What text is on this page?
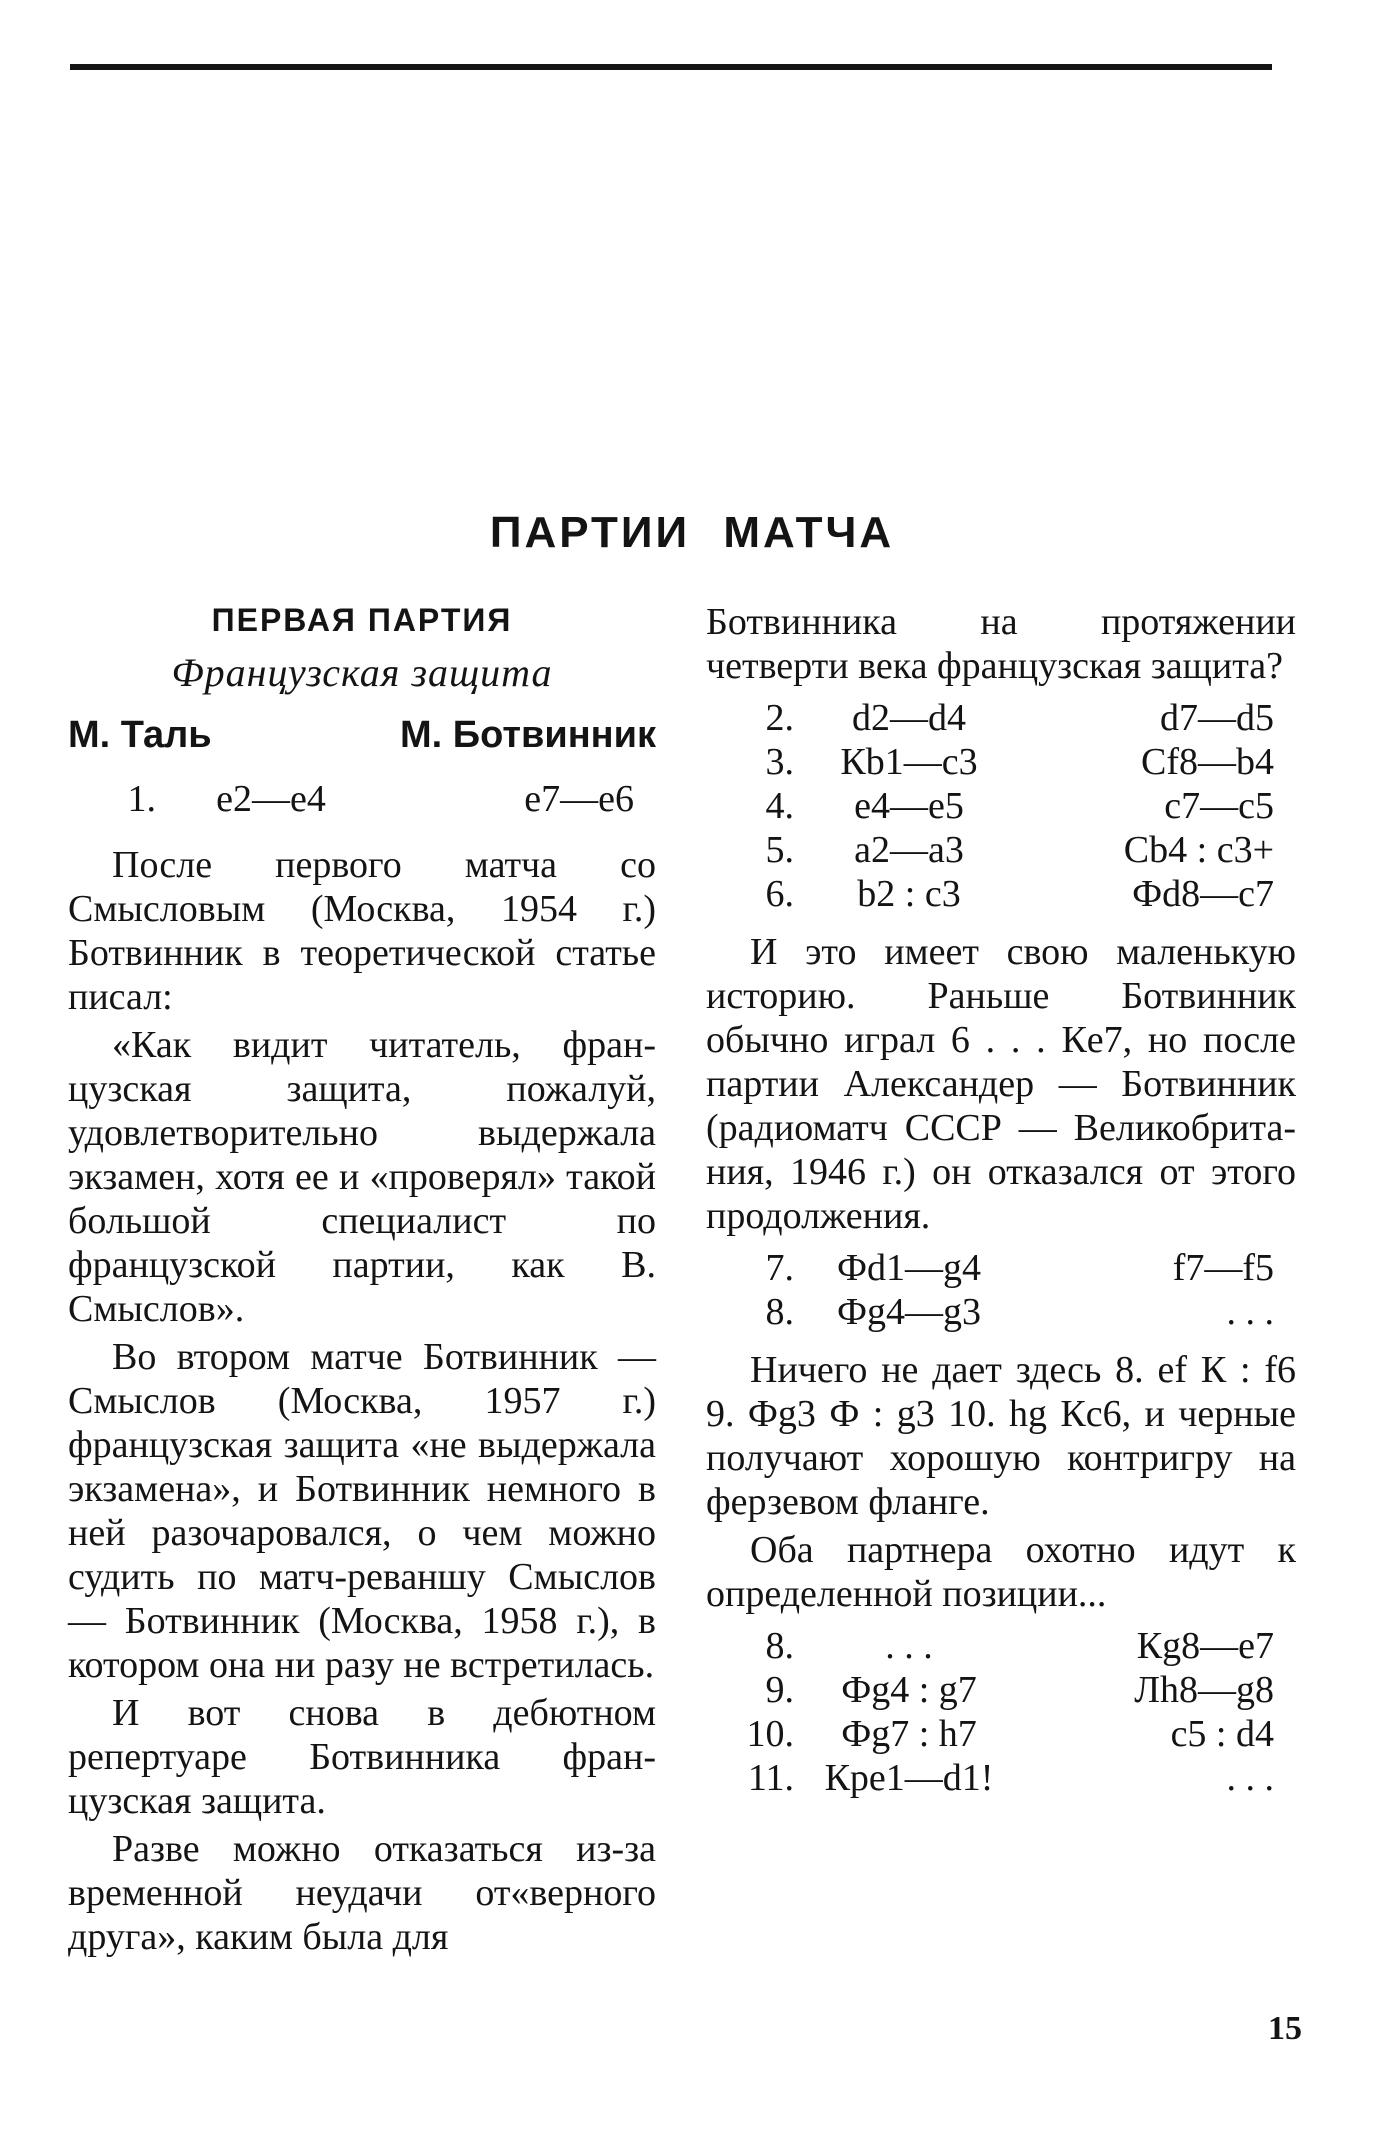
ПАРТИИ МАТЧА
ПЕРВАЯ ПАРТИЯ
Французская защита
М. Таль	М. Ботвинник
1.	e2—e4	e7—e6

После первого матча со Смысловым (Москва, 1954 г.) Ботвинник в теоретической статье писал:

«Как видит читатель, французская защита, пожалуй, удовлетворительно выдержала экзамен, хотя ее и «проверял» такой большой специалист по французской партии, как В. Смыслов».

Во втором матче Ботвинник — Смыслов (Москва, 1957 г.) французская защита «не выдержала экзамена», и Ботвинник немного в ней разочаровался, о чем можно судить по матч-реваншу Смыслов — Ботвинник (Москва, 1958 г.), в котором она ни разу не встретилась.

И вот снова в дебютном репертуаре Ботвинника французская защита.

Разве можно отказаться из-за временной неудачи от«верного друга», каким была для

Ботвинника на протяжении четверти века французская защита?

2.	d2—d4	d7—d5
3.	Кb1—c3	Cf8—b4
4.	e4—e5	c7—c5
5.	a2—a3	Cb4 : c3+
6.	b2 : c3	Фd8—c7

И это имеет свою маленькую историю. Раньше Ботвинник обычно играл 6 . . . Кe7, но после партии Александер — Ботвинник (радиоматч СССР — Великобритания, 1946 г.) он отказался от этого продолжения.

7.	Фd1—g4	f7—f5
8.	Фg4—g3	. . .

Ничего не дает здесь 8. ef К : f6 9. Фg3 Ф : g3 10. hg Кc6, и черные получают хорошую контригру на ферзевом фланге.

Оба партнера охотно идут к определенной позиции...

8.	. . .	Кg8—e7
9.	Фg4 : g7	Лh8—g8
10.	Фg7 : h7	c5 : d4
11. Крe1—d1!	. . .
15
